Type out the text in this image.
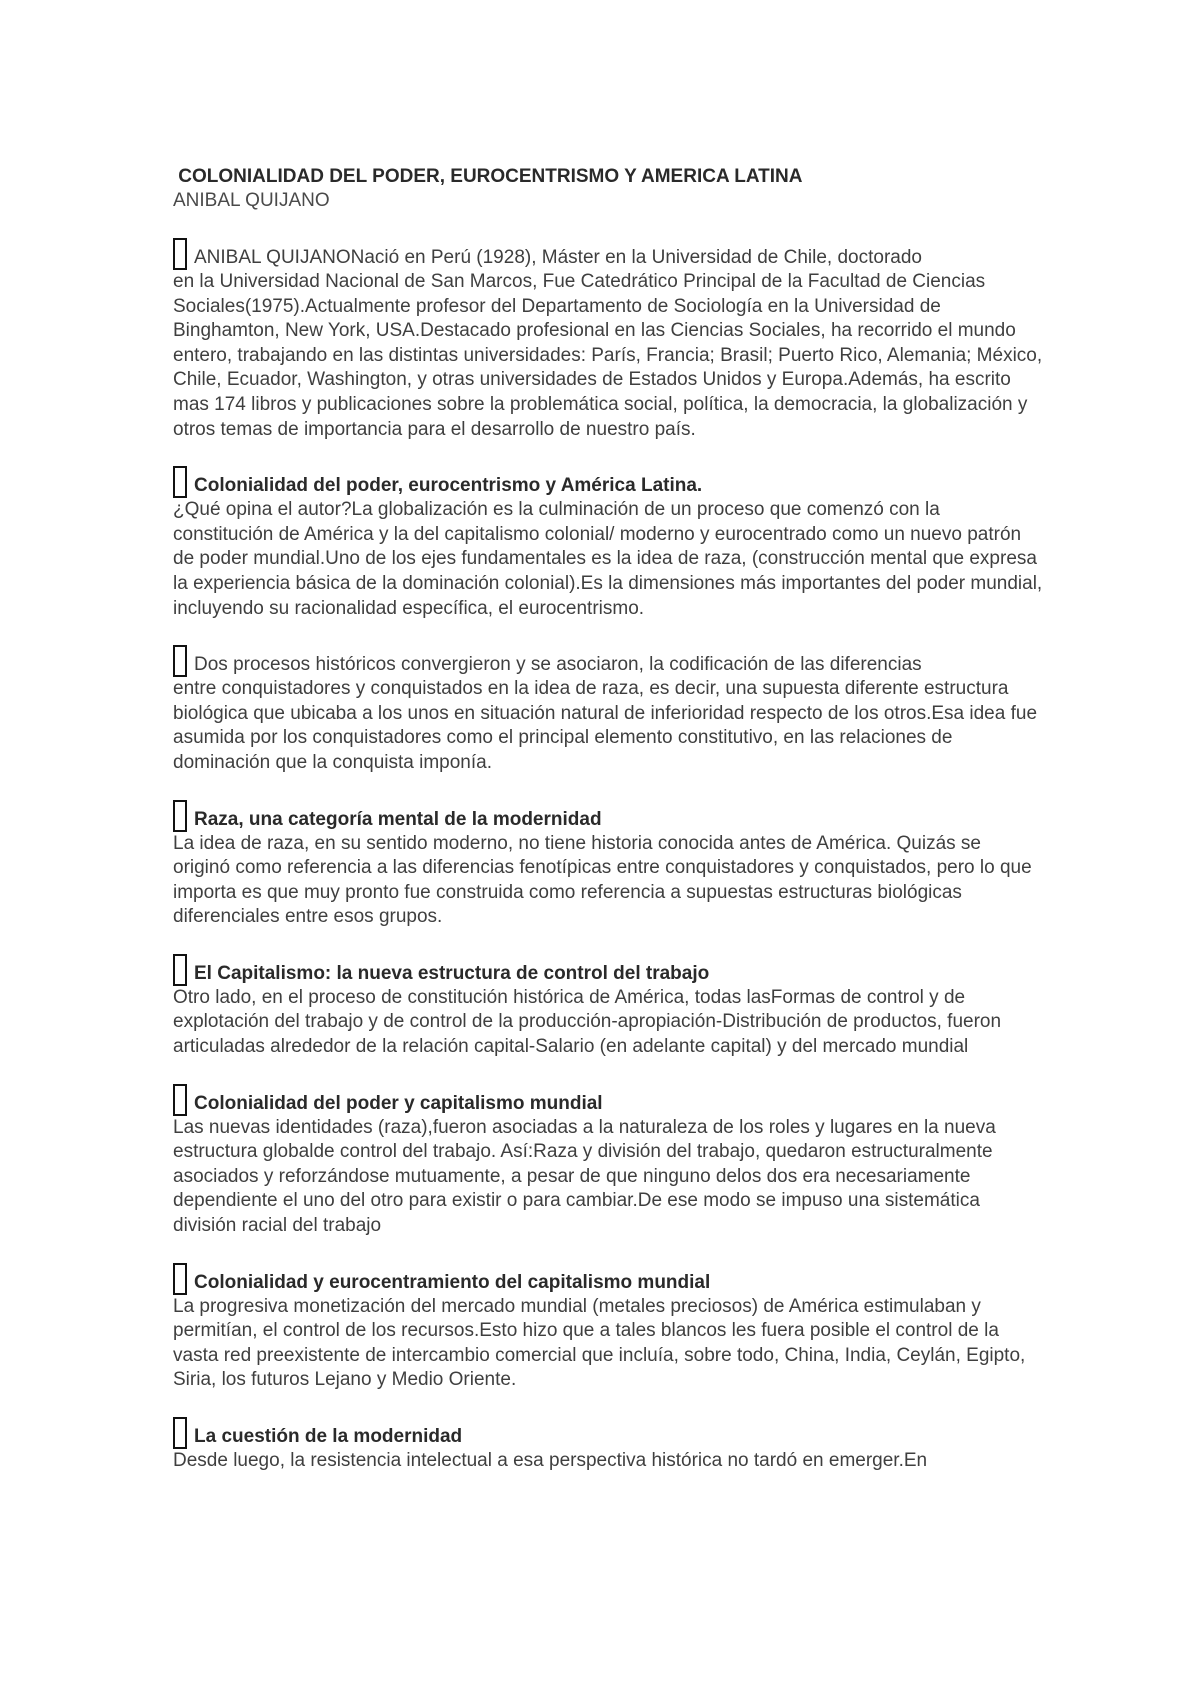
COLONIALIDAD DEL PODER, EUROCENTRISMO Y AMERICA LATINA

ANIBAL QUIJANO

ANIBAL QUIJANONació en Perú (1928), Máster en la Universidad de Chile, doctorado

en la Universidad Nacional de San Marcos, Fue Catedrático Principal de la Facultad de Ciencias Sociales(1975).Actualmente profesor del Departamento de Sociología en la Universidad de Binghamton, New York, USA.Destacado profesional en las Ciencias Sociales, ha recorrido el mundo entero, trabajando en las distintas universidades: París, Francia; Brasil; Puerto Rico, Alemania; México, Chile, Ecuador, Washington, y otras universidades de Estados Unidos y Europa.Además, ha escrito mas 174 libros y publicaciones sobre la problemática social, política, la democracia, la globalización y otros temas de importancia para el desarrollo de nuestro país.

Colonialidad del poder, eurocentrismo y América Latina.

¿Qué opina el autor?La globalización es la culminación de un proceso que comenzó con la constitución de América y la del capitalismo colonial/ moderno y eurocentrado como un nuevo patrón de poder mundial.Uno de los ejes fundamentales es la idea de raza, (construcción mental que expresa la experiencia básica de la dominación colonial).Es la dimensiones más importantes del poder mundial, incluyendo su racionalidad específica, el eurocentrismo.

Dos procesos históricos convergieron y se asociaron, la codificación de las diferencias

entre conquistadores y conquistados en la idea de raza, es decir, una supuesta diferente estructura biológica que ubicaba a los unos en situación natural de inferioridad respecto de los otros.Esa idea fue asumida por los conquistadores como el principal elemento constitutivo, en las relaciones de dominación que la conquista imponía.

Raza, una categoría mental de la modernidad

La idea de raza, en su sentido moderno, no tiene historia conocida antes de América. Quizás se originó como referencia a las diferencias fenotípicas entre conquistadores y conquistados, pero lo que importa es que muy pronto fue construida como referencia a supuestas estructuras biológicas diferenciales entre esos grupos.

El Capitalismo: la nueva estructura de control del trabajo

Otro lado, en el proceso de constitución histórica de América, todas lasFormas de control y de explotación del trabajo y de control de la producción-apropiación-Distribución de productos, fueron articuladas alrededor de la relación capital-Salario (en adelante capital) y del mercado mundial

Colonialidad del poder y capitalismo mundial

Las nuevas identidades (raza),fueron asociadas a la naturaleza de los roles y lugares en la nueva estructura globalde control del trabajo. Así:Raza y división del trabajo, quedaron estructuralmente asociados y reforzándose mutuamente, a pesar de que ninguno delos dos era necesariamente dependiente el uno del otro para existir o para cambiar.De ese modo se impuso una sistemática división racial del trabajo

Colonialidad y eurocentramiento del capitalismo mundial

La progresiva monetización del mercado mundial (metales preciosos) de América estimulaban y permitían, el control de los recursos.Esto hizo que a tales blancos les fuera posible el control de la vasta red preexistente de intercambio comercial que incluía, sobre todo, China, India, Ceylán, Egipto, Siria, los futuros Lejano y Medio Oriente.

La cuestión de la modernidad

Desde luego, la resistencia intelectual a esa perspectiva histórica no tardó en emerger.En
